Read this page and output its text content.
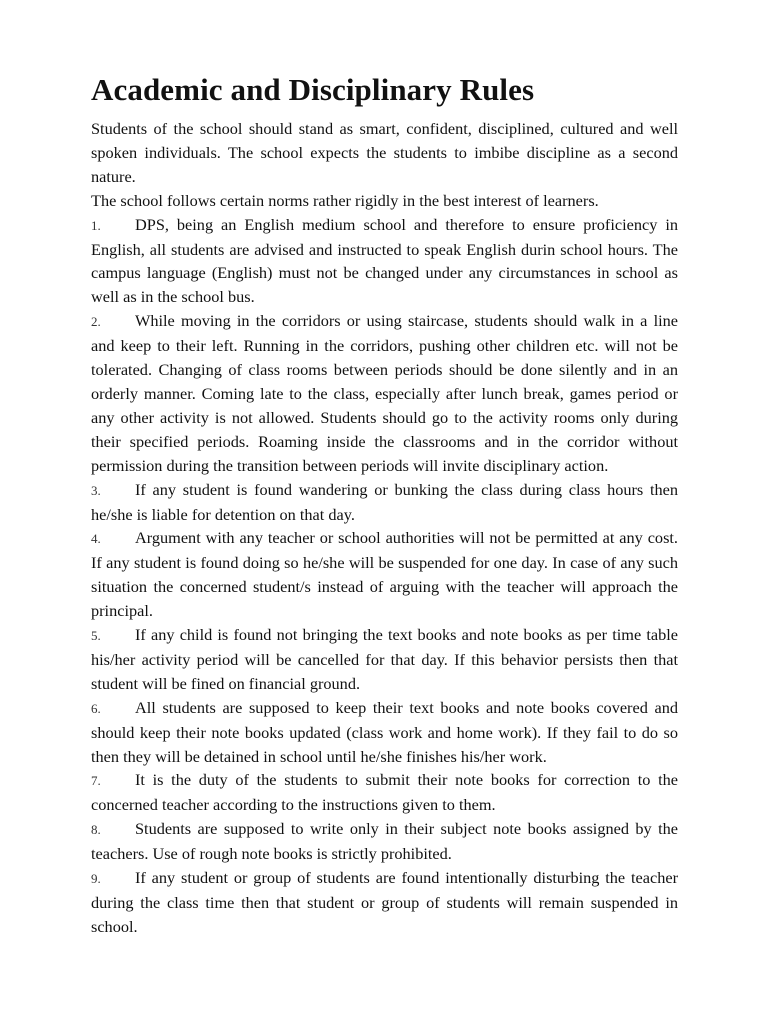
Academic and Disciplinary Rules

Students of the school should stand as smart, confident, disciplined, cultured and well spoken individuals. The school expects the students to imbibe discipline as a second nature.

The school follows certain norms rather rigidly in the best interest of learners.

1. DPS, being an English medium school and therefore to ensure proficiency in English, all students are advised and instructed to speak English durin school hours. The campus language (English) must not be changed under any circumstances in school as well as in the school bus.

2. While moving in the corridors or using staircase, students should walk in a line and keep to their left. Running in the corridors, pushing other children etc. will not be tolerated. Changing of class rooms between periods should be done silently and in an orderly manner. Coming late to the class, especially after lunch break, games period or any other activity is not allowed. Students should go to the activity rooms only during their specified periods. Roaming inside the classrooms and in the corridor without permission during the transition between periods will invite disciplinary action.

3. If any student is found wandering or bunking the class during class hours then he/she is liable for detention on that day.

4. Argument with any teacher or school authorities will not be permitted at any cost. If any student is found doing so he/she will be suspended for one day. In case of any such situation the concerned student/s instead of arguing with the teacher will approach the principal.

5. If any child is found not bringing the text books and note books as per time table his/her activity period will be cancelled for that day. If this behavior persists then that student will be fined on financial ground.

6. All students are supposed to keep their text books and note books covered and should keep their note books updated (class work and home work). If they fail to do so then they will be detained in school until he/she finishes his/her work.

7. It is the duty of the students to submit their note books for correction to the concerned teacher according to the instructions given to them.

8. Students are supposed to write only in their subject note books assigned by the teachers. Use of rough note books is strictly prohibited.

9. If any student or group of students are found intentionally disturbing the teacher during the class time then that student or group of students will remain suspended in school.
